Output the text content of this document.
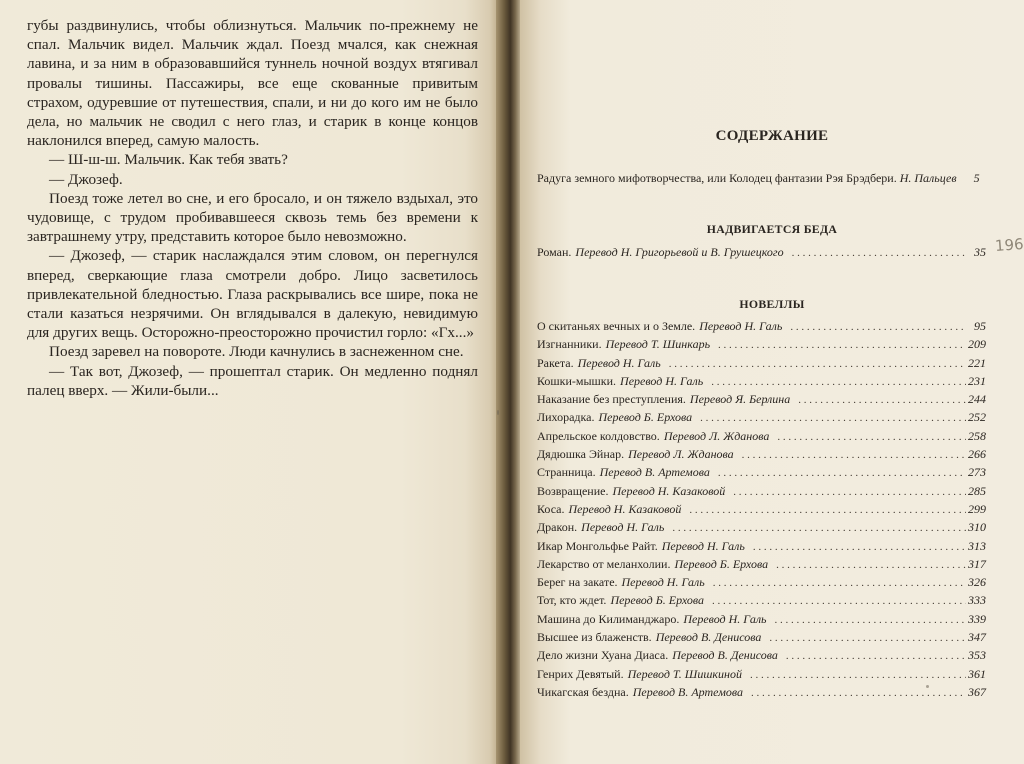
губы раздвинулись, чтобы облизнуться. Мальчик по-прежнему не спал. Мальчик видел. Мальчик ждал. Поезд мчался, как снежная лавина, и за ним в образовавшийся туннель ночной воздух втягивал провалы тишины. Пассажиры, все еще скованные привитым страхом, одуревшие от путешествия, спали, и ни до кого им не было дела, но мальчик не сводил с него глаз, и старик в конце концов наклонился вперед, самую малость.

— Ш-ш-ш. Мальчик. Как тебя звать?

— Джозеф.

Поезд тоже летел во сне, и его бросало, и он тяжело вздыхал, это чудовище, с трудом пробивавшееся сквозь темь без времени к завтрашнему утру, представить которое было невозможно.

— Джозеф, — старик наслаждался этим словом, он перегнулся вперед, сверкающие глаза смотрели добро. Лицо засветилось привлекательной бледностью. Глаза раскрывались все шире, пока не стали казаться незрячими. Он вглядывался в далекую, невидимую для других вещь. Осторожно-преосторожно прочистил горло: «Гх...»

Поезд заревел на повороте. Люди качнулись в заснеженном сне.

— Так вот, Джозеф, — прошептал старик. Он медленно поднял палец вверх. — Жили-были...

СОДЕРЖАНИЕ
Радуга земного мифотворчества, или Колодец фантазии Рэя Брэдбери. Н. Пальцев 5
НАДВИГАЕТСЯ БЕДА
Роман. Перевод Н. Григорьевой и В. Грушецкого . . .	35
НОВЕЛЛЫ
О скитаньях вечных и о Земле. Перевод Н. Галь . . .	95
Изгнанники. Перевод Т. Шинкарь . . .	209
Ракета. Перевод Н. Галь . . .	221
Кошки-мышки. Перевод Н. Галь . . .	231
Наказание без преступления. Перевод Я. Берлина . . .	244
Лихорадка. Перевод Б. Ерхова . . .	252
Апрельское колдовство. Перевод Л. Жданова . . .	258
Дядюшка Эйнар. Перевод Л. Жданова . . .	266
Странница. Перевод В. Артемова . . .	273
Возвращение. Перевод Н. Казаковой . . .	285
Коса. Перевод Н. Казаковой . . .	299
Дракон. Перевод Н. Галь . . .	310
Икар Монгольфье Райт. Перевод Н. Галь . . .	313
Лекарство от меланхолии. Перевод Б. Ерхова . . .	317
Берег на закате. Перевод Н. Галь . . .	326
Тот, кто ждет. Перевод Б. Ерхова . . .	333
Машина до Килиманджаро. Перевод Н. Галь . . .	339
Высшее из блаженств. Перевод В. Денисова . . .	347
Дело жизни Хуана Диаса. Перевод В. Денисова . . .	353
Генрих Девятый. Перевод Т. Шишкиной . . .	361
Чикагская бездна. Перевод В. Артемова . . .	367
196
